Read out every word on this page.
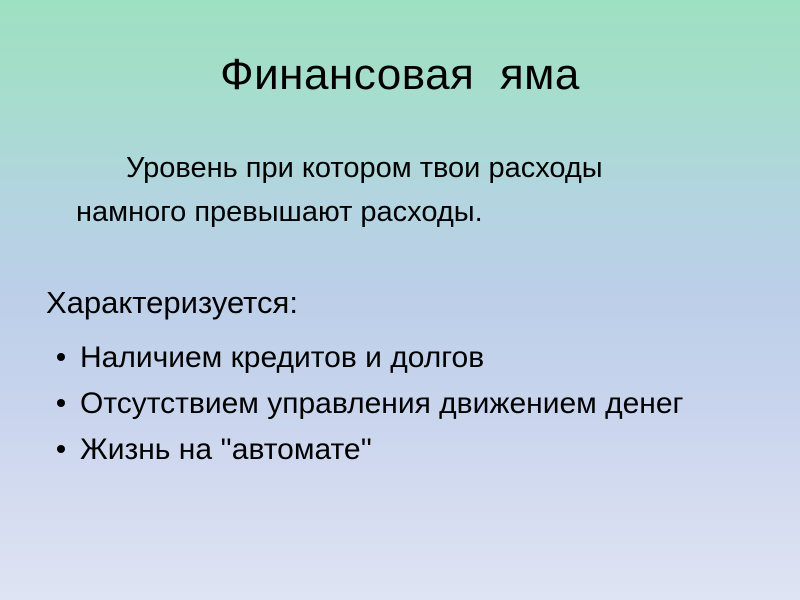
Финансовая  яма
Уровень при котором твои расходы
намного превышают расходы.
Характеризуется:
Наличием кредитов и долгов
Отсутствием управления движением денег
Жизнь на ''автомате''
